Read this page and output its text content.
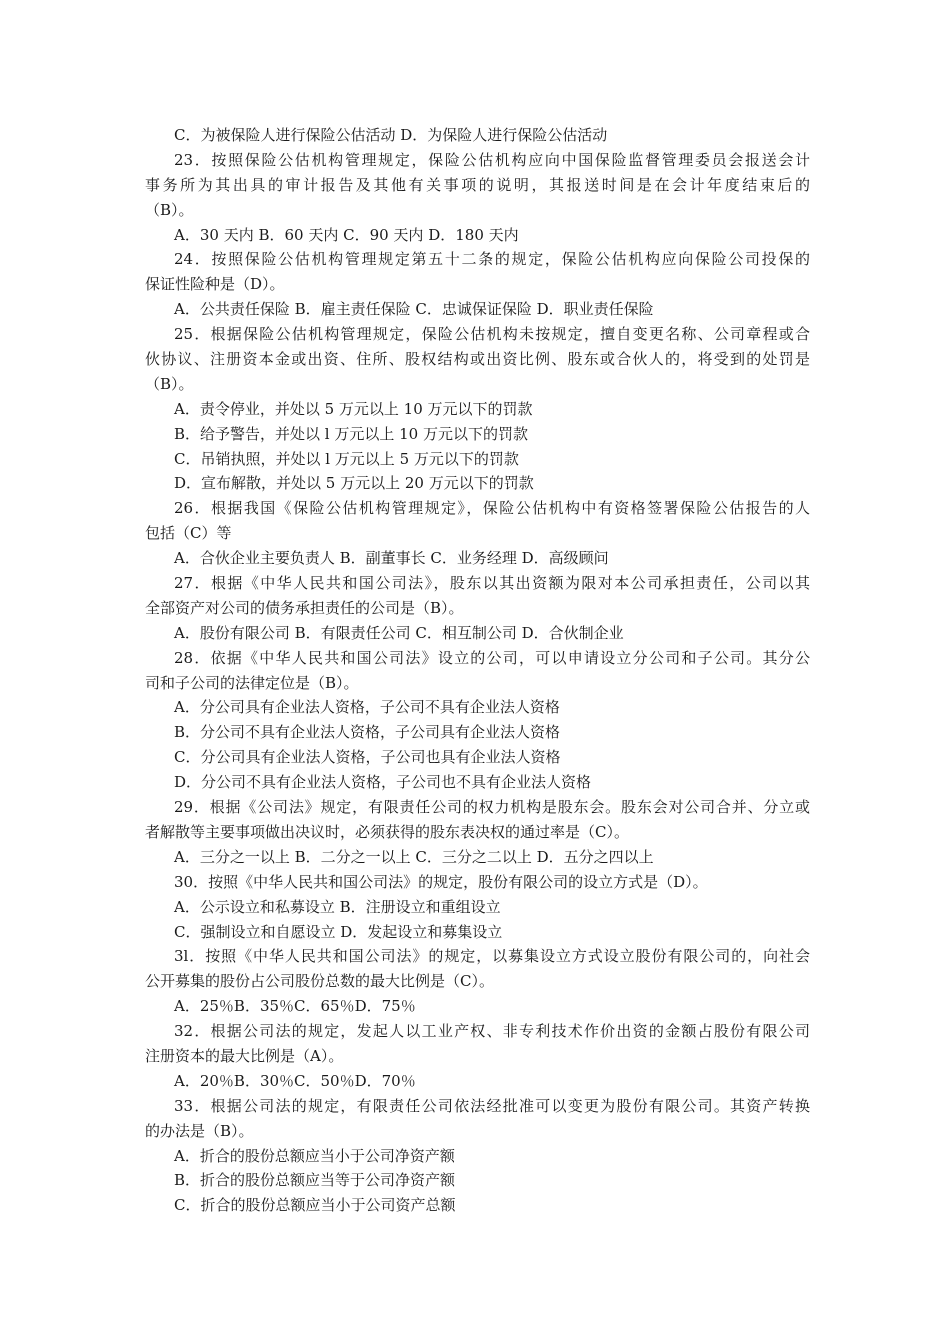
C．为被保险人进行保险公估活动 D．为保险人进行保险公估活动
23．按照保险公估机构管理规定，保险公估机构应向中国保险监督管理委员会报送会计
事务所为其出具的审计报告及其他有关事项的说明，其报送时间是在会计年度结束后的
（B）。
A．30 天内 B．60 天内 C．90 天内 D．180 天内
24．按照保险公估机构管理规定第五十二条的规定，保险公估机构应向保险公司投保的
保证性险种是（D）。
A．公共责任保险 B．雇主责任保险 C．忠诚保证保险 D．职业责任保险
25．根据保险公估机构管理规定，保险公估机构未按规定，擅自变更名称、公司章程或合
伙协议、注册资本金或出资、住所、股权结构或出资比例、股东或合伙人的，将受到的处罚是
（B）。
A．责令停业，并处以 5 万元以上 10 万元以下的罚款
B．给予警告，并处以 l 万元以上 10 万元以下的罚款
C．吊销执照，并处以 l 万元以上 5 万元以下的罚款
D．宣布解散，并处以 5 万元以上 20 万元以下的罚款
26．根据我国《保险公估机构管理规定》，保险公估机构中有资格签署保险公估报告的人
包括（C）等
A．合伙企业主要负责人 B．副董事长 C．业务经理 D．高级顾问
27．根据《中华人民共和国公司法》，股东以其出资额为限对本公司承担责任，公司以其
全部资产对公司的债务承担责任的公司是（B）。
A．股份有限公司 B．有限责任公司 C．相互制公司 D．合伙制企业
28．依据《中华人民共和国公司法》设立的公司，可以申请设立分公司和子公司。其分公
司和子公司的法律定位是（B）。
A．分公司具有企业法人资格，子公司不具有企业法人资格
B．分公司不具有企业法人资格，子公司具有企业法人资格
C．分公司具有企业法人资格，子公司也具有企业法人资格
D．分公司不具有企业法人资格，子公司也不具有企业法人资格
29．根据《公司法》规定，有限责任公司的权力机构是股东会。股东会对公司合并、分立或
者解散等主要事项做出决议时，必须获得的股东表决权的通过率是（C）。
A．三分之一以上 B．二分之一以上 C．三分之二以上 D．五分之四以上
30．按照《中华人民共和国公司法》的规定，股份有限公司的设立方式是（D）。
A．公示设立和私募设立 B．注册设立和重组设立
C．强制设立和自愿设立 D．发起设立和募集设立
3l．按照《中华人民共和国公司法》的规定，以募集设立方式设立股份有限公司的，向社会
公开募集的股份占公司股份总数的最大比例是（C）。
A．25％B．35％C．65％D．75％
32．根据公司法的规定，发起人以工业产权、非专利技术作价出资的金额占股份有限公司
注册资本的最大比例是（A）。
A．20％B．30％C．50％D．70％
33．根据公司法的规定，有限责任公司依法经批准可以变更为股份有限公司。其资产转换
的办法是（B）。
A．折合的股份总额应当小于公司净资产额
B．折合的股份总额应当等于公司净资产额
C．折合的股份总额应当小于公司资产总额
